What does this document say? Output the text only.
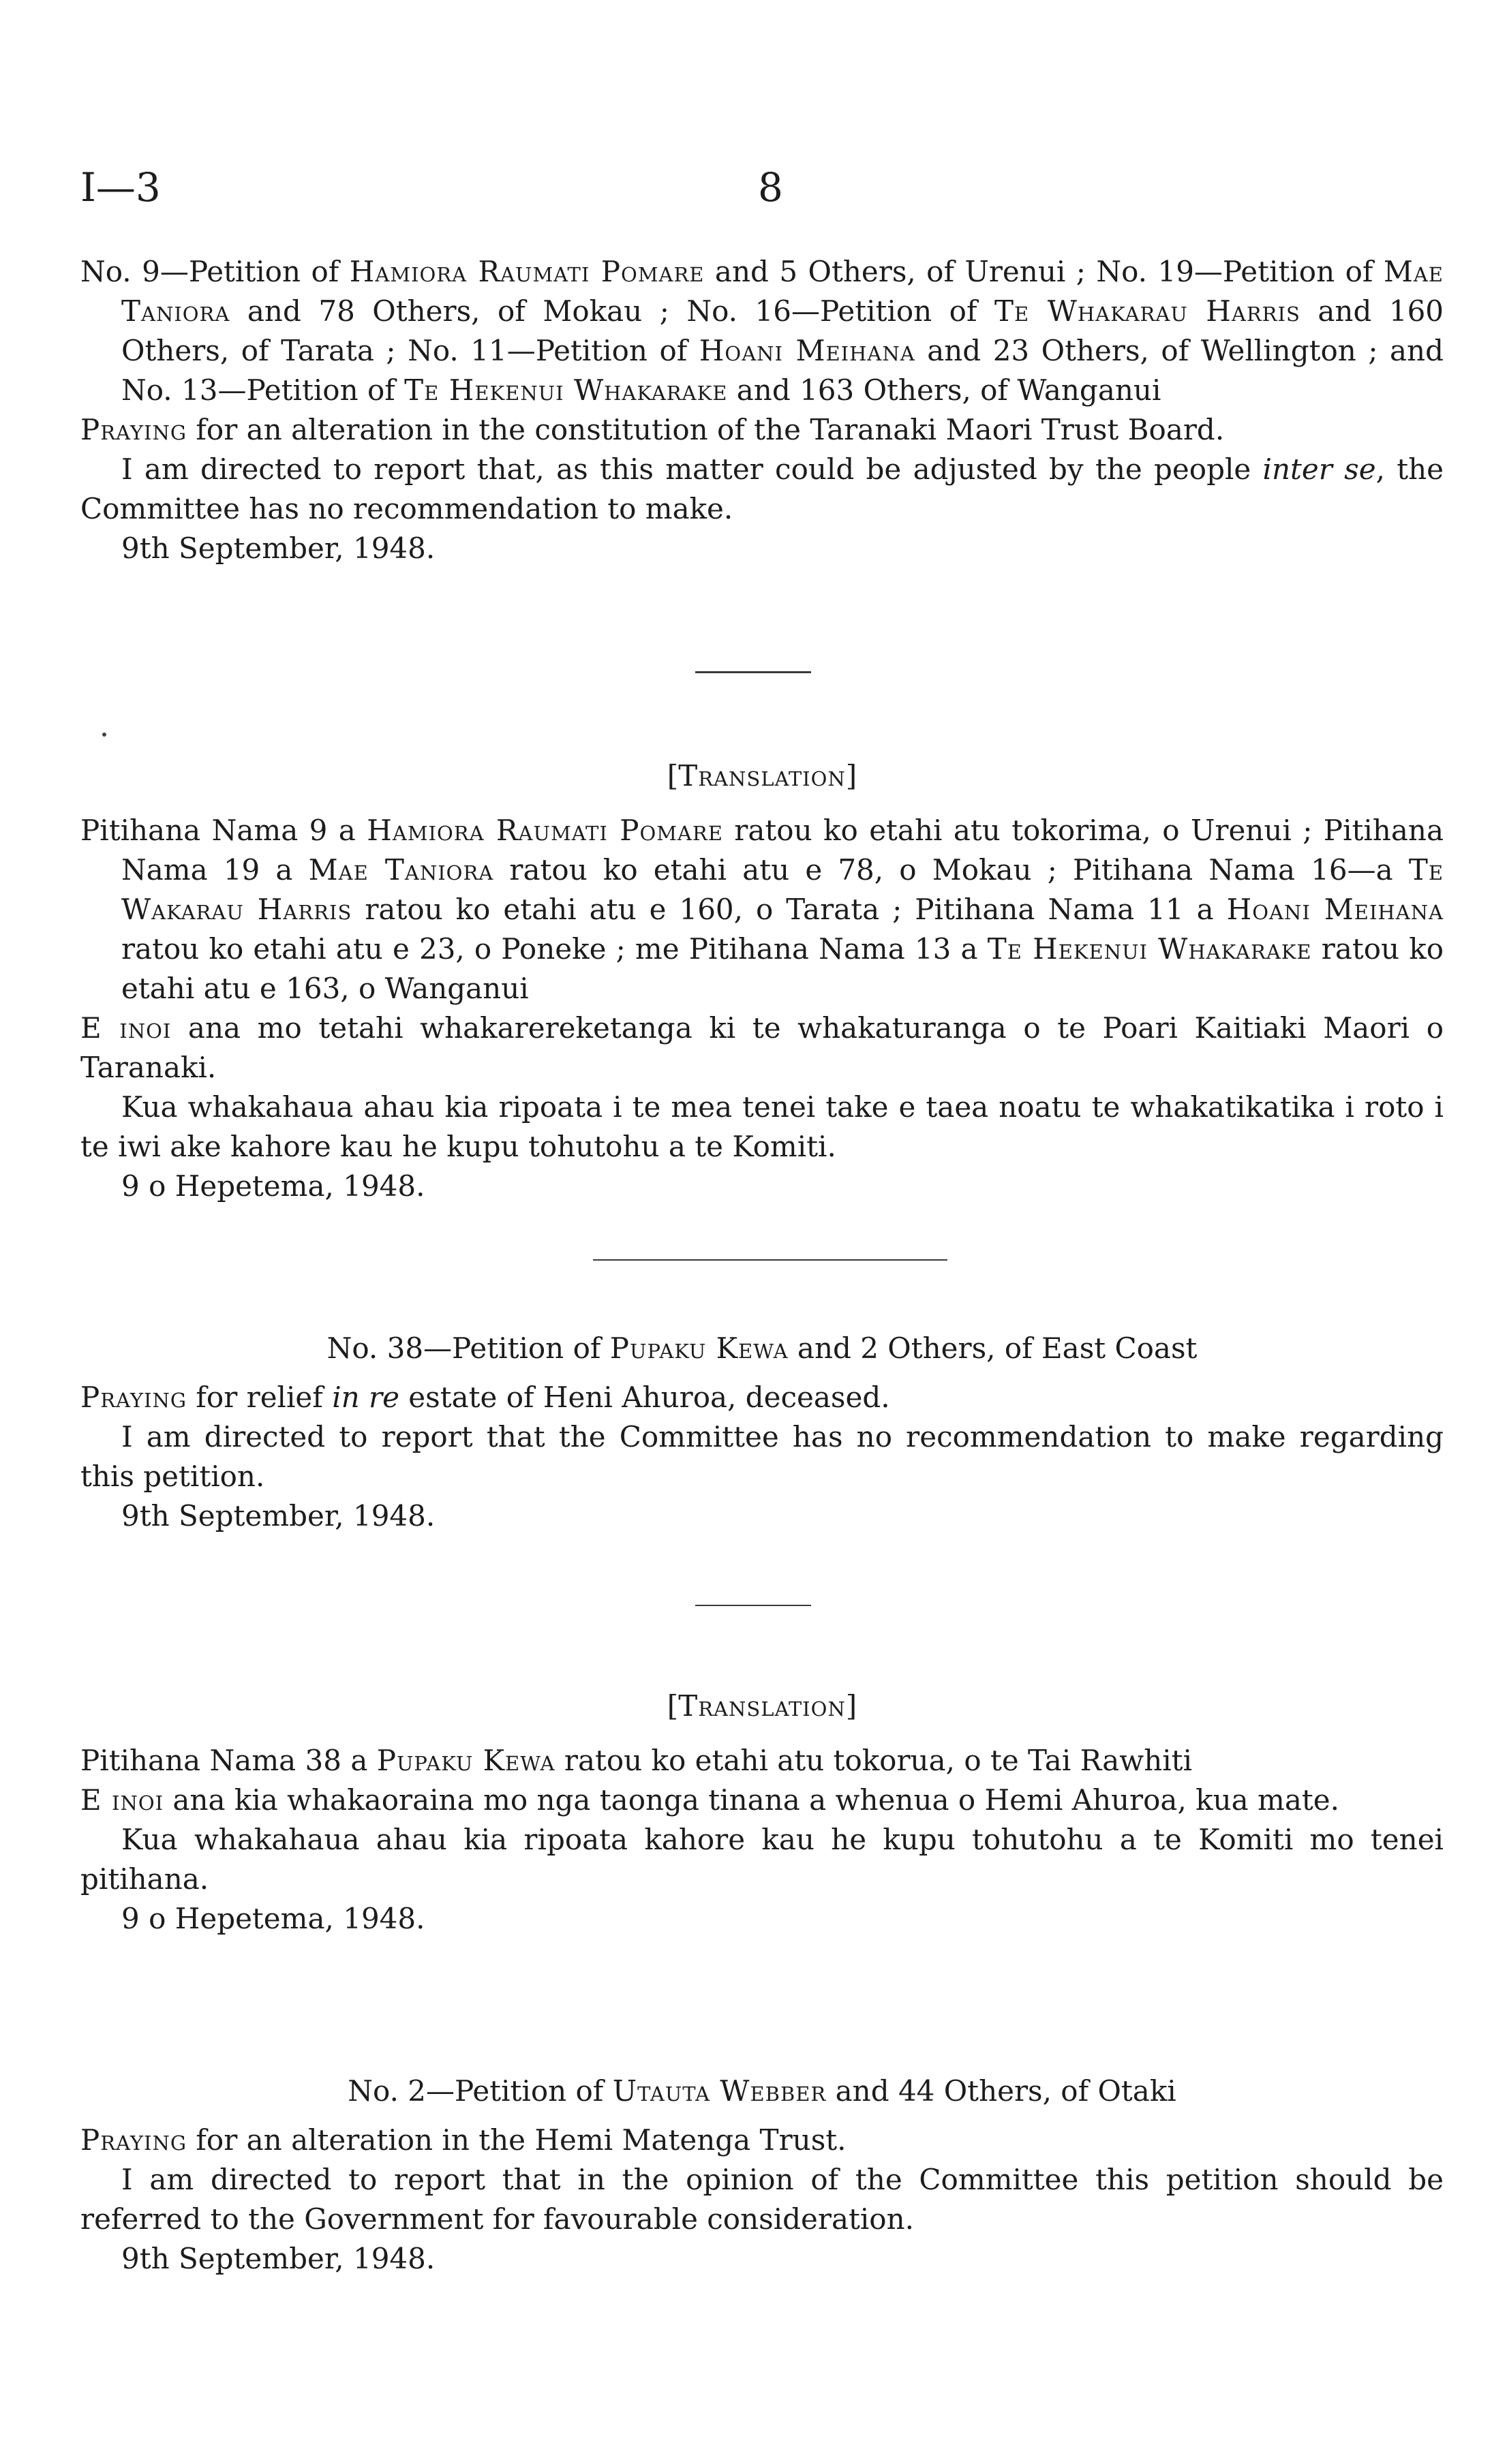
I—3	8

No. 9—Petition of Hamiora Raumati Pomare and 5 Others, of Urenui ; No. 19—Petition of Mae Taniora and 78 Others, of Mokau ; No. 16—Petition of Te Whakarau Harris and 160 Others, of Tarata ; No. 11—Petition of Hoani Meihana and 23 Others, of Wellington ; and No. 13—Petition of Te Hekenui Whakarake and 163 Others, of Wanganui

Praying for an alteration in the constitution of the Taranaki Maori Trust Board.

I am directed to report that, as this matter could be adjusted by the people inter se, the Committee has no recommendation to make.

9th September, 1948.

[Translation]

Pitihana Nama 9 a Hamiora Raumati Pomare ratou ko etahi atu tokorima, o Urenui ; Pitihana Nama 19 a Mae Taniora ratou ko etahi atu e 78, o Mokau ; Pitihana Nama 16—a Te Wakarau Harris ratou ko etahi atu e 160, o Tarata ; Pitihana Nama 11 a Hoani Meihana ratou ko etahi atu e 23, o Poneke ; me Pitihana Nama 13 a Te Hekenui Whakarake ratou ko etahi atu e 163, o Wanganui

E inoi ana mo tetahi whakarereketanga ki te whakaturanga o te Poari Kaitiaki Maori o Taranaki.

Kua whakahaua ahau kia ripoata i te mea tenei take e taea noatu te whakatikatika i roto i te iwi ake kahore kau he kupu tohutohu a te Komiti.

9 o Hepetema, 1948.

No. 38—Petition of Pupaku Kewa and 2 Others, of East Coast

Praying for relief in re estate of Heni Ahuroa, deceased.

I am directed to report that the Committee has no recommendation to make regarding this petition.

9th September, 1948.

[Translation]

Pitihana Nama 38 a Pupaku Kewa ratou ko etahi atu tokorua, o te Tai Rawhiti

E inoi ana kia whakaoraina mo nga taonga tinana a whenua o Hemi Ahuroa, kua mate.

Kua whakahaua ahau kia ripoata kahore kau he kupu tohutohu a te Komiti mo tenei pitihana.

9 o Hepetema, 1948.

No. 2—Petition of Utauta Webber and 44 Others, of Otaki

Praying for an alteration in the Hemi Matenga Trust.

I am directed to report that in the opinion of the Committee this petition should be referred to the Government for favourable consideration.

9th September, 1948.
